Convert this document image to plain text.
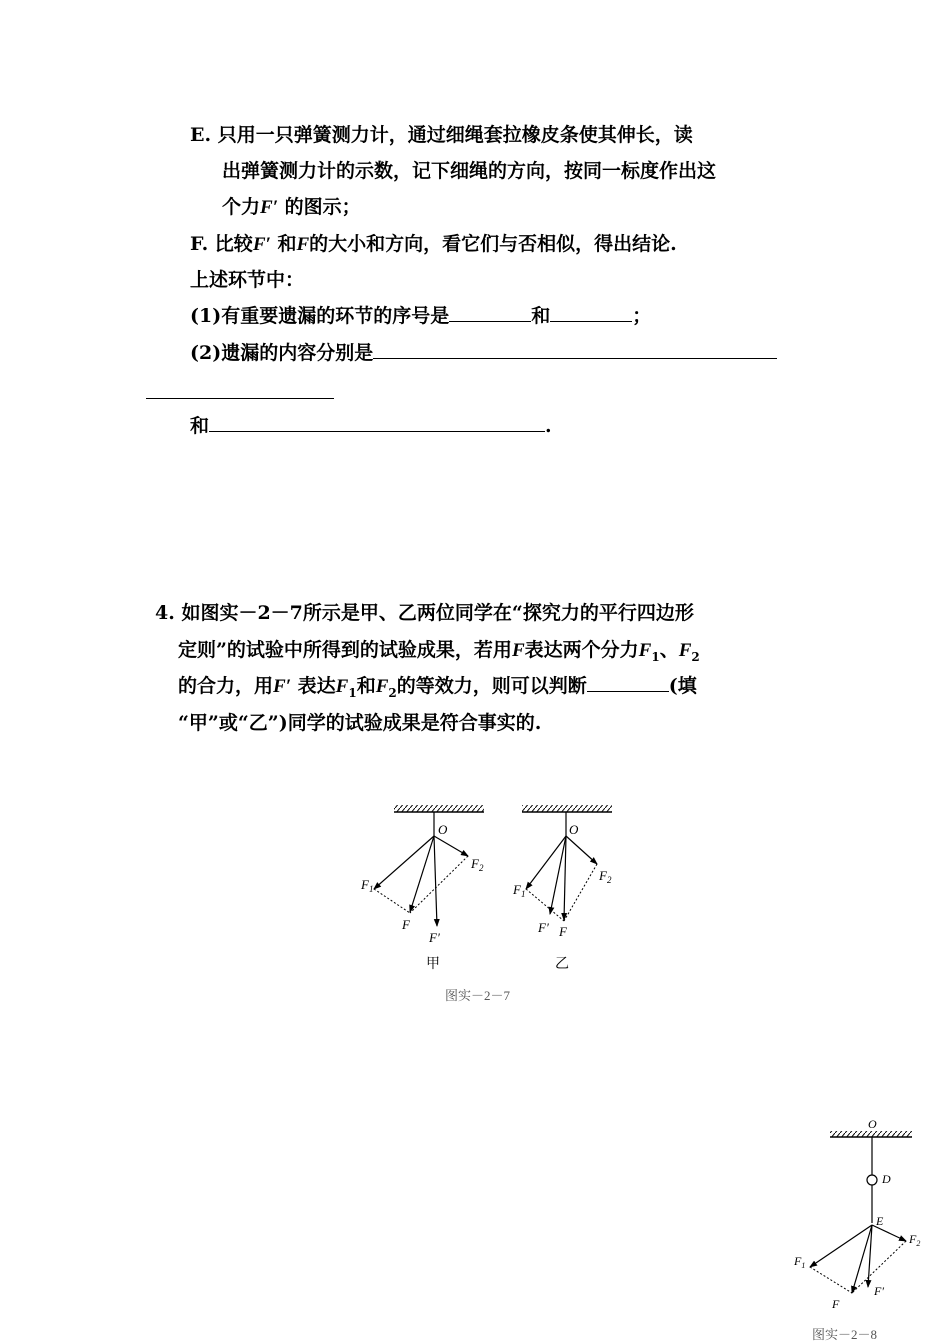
E. 只用一只弹簧测力计，通过细绳套拉橡皮条使其伸长，读
出弹簧测力计的示数，记下细绳的方向，按同一标度作出这
个力F′ 的图示；
F. 比较F′ 和F的大小和方向，看它们与否相似，得出结论.
上述环节中：
(1)有重要遗漏的环节的序号是	和	；
(2)遗漏的内容分别是
和	.
4. 如图实－2－7所示是甲、乙两位同学在“探究力的平行四边形
定则”的试验中所得到的试验成果，若用F表达两个分力$F_1$、$F_2$
的合力，用F′ 表达$F_1$和$F_2$的等效力，则可以判断	(填
“甲”或“乙”)同学的试验成果是符合事实的.
O
$F_1$
$F_2$
F
F′
甲
O
$F_1$
$F_2$
F′ F
乙
图实－2－7
O
D
E
$F_1$
$F_2$
F
F′
图实－2－8
